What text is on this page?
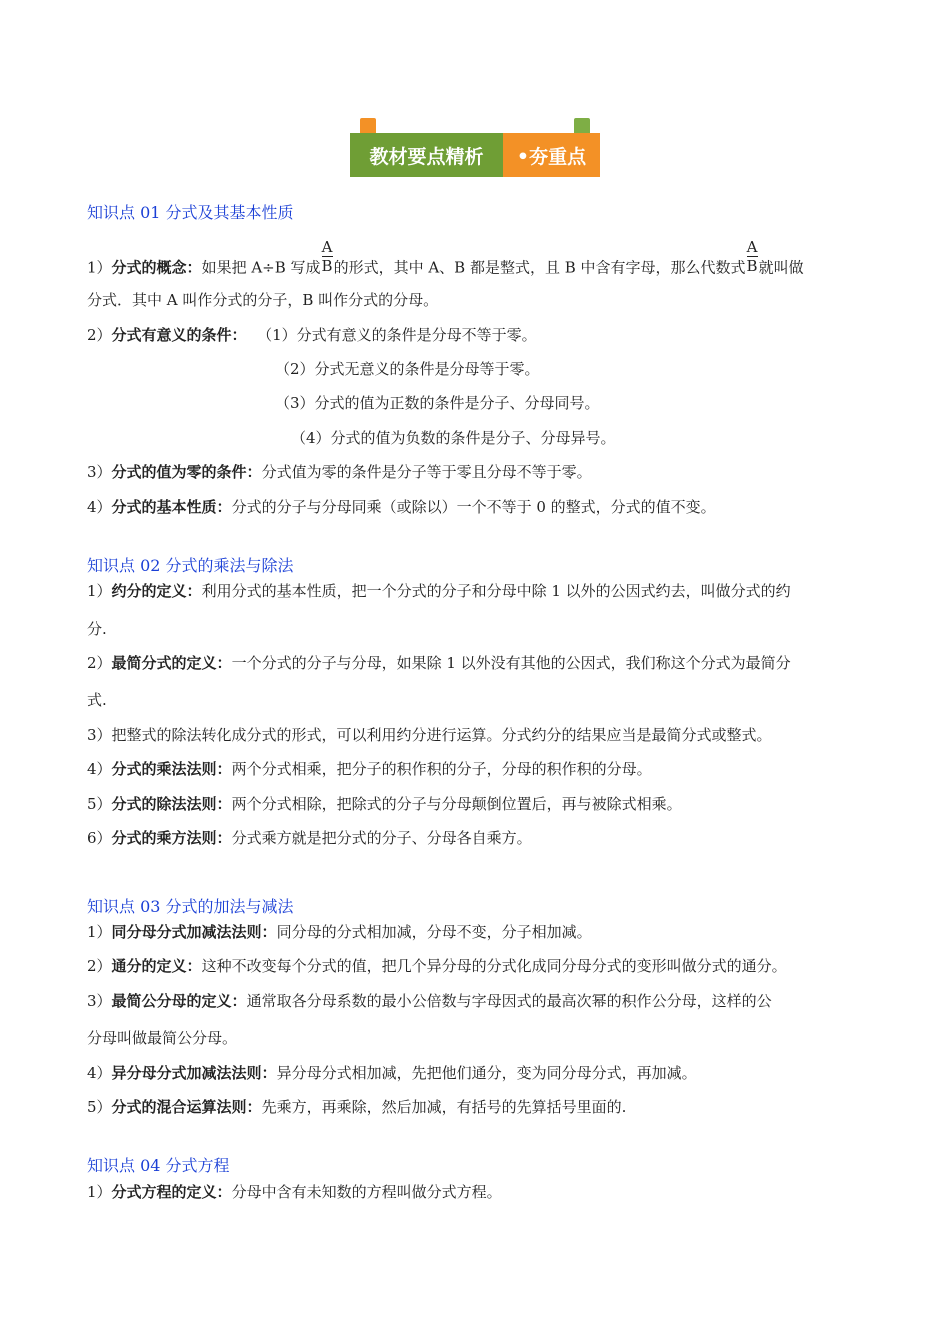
教材要点精析	•夯重点
知识点 01 分式及其基本性质
1）分式的概念：如果把 A÷B 写成 $\frac{A}{B}$的形式，其中 A、B 都是整式，且 B 中含有字母，那么代数式 $\frac{A}{B}$就叫做
分式．其中 A 叫作分式的分子，B 叫作分式的分母。
2）分式有意义的条件： （1）分式有意义的条件是分母不等于零。
（2）分式无意义的条件是分母等于零。
（3）分式的值为正数的条件是分子、分母同号。
（4）分式的值为负数的条件是分子、分母异号。
3）分式的值为零的条件：分式值为零的条件是分子等于零且分母不等于零。
4）分式的基本性质：分式的分子与分母同乘（或除以）一个不等于 0 的整式，分式的值不变。
知识点 02 分式的乘法与除法
1）约分的定义：利用分式的基本性质，把一个分式的分子和分母中除 1 以外的公因式约去，叫做分式的约
分.
2）最简分式的定义：一个分式的分子与分母，如果除 1 以外没有其他的公因式，我们称这个分式为最简分
式.
3）把整式的除法转化成分式的形式，可以利用约分进行运算。分式约分的结果应当是最简分式或整式。
4）分式的乘法法则：两个分式相乘，把分子的积作积的分子，分母的积作积的分母。
5）分式的除法法则：两个分式相除，把除式的分子与分母颠倒位置后，再与被除式相乘。
6）分式的乘方法则：分式乘方就是把分式的分子、分母各自乘方。
知识点 03 分式的加法与减法
1）同分母分式加减法法则：同分母的分式相加减，分母不变，分子相加减。
2）通分的定义：这种不改变每个分式的值，把几个异分母的分式化成同分母分式的变形叫做分式的通分。
3）最简公分母的定义：通常取各分母系数的最小公倍数与字母因式的最高次幂的积作公分母，这样的公
分母叫做最简公分母。
4）异分母分式加减法法则：异分母分式相加减，先把他们通分，变为同分母分式，再加减。
5）分式的混合运算法则：先乘方，再乘除，然后加减，有括号的先算括号里面的.
知识点 04 分式方程
1）分式方程的定义：分母中含有未知数的方程叫做分式方程。
